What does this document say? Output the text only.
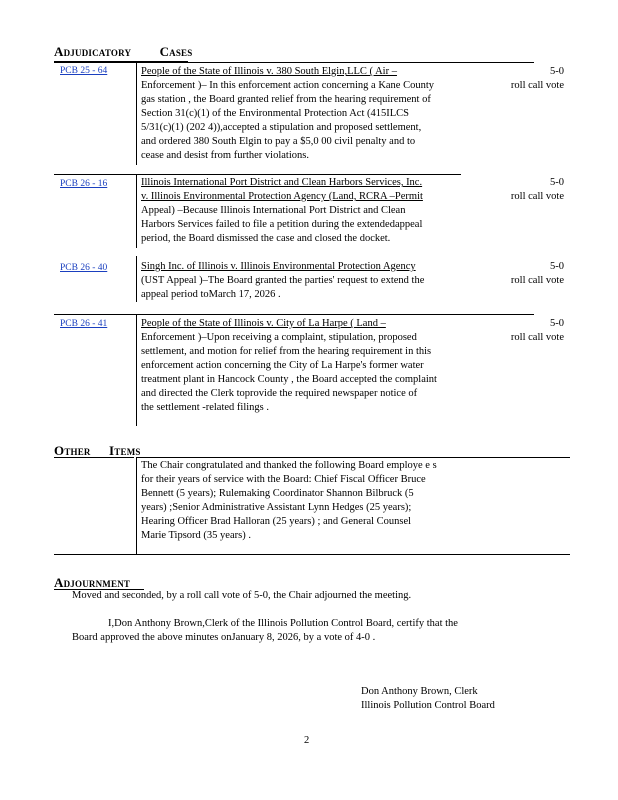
ADJUDICATORY CASES
PCB 25 - 64	People of the State of Illinois v. 380 South Elgin,LLC ( Air –
Enforcement )– In this enforcement action concerning a Kane County
gas station , the Board granted relief from the hearing requirement of
Section 31(c)(1) of the Environmental Protection Act (415ILCS
5/31(c)(1) (202 4)),accepted a stipulation and proposed settlement,
and ordered 380 South Elgin to pay a $5,0 00 civil penalty and to
cease and desist from further violations.
5-0
roll call vote
PCB 26 - 16	Illinois International Port District and Clean Harbors Services, Inc.
v. Illinois Environmental Protection Agency (Land, RCRA –Permit
Appeal) –Because Illinois International Port District and Clean
Harbors Services failed to file a petition during the extendedappeal
period, the Board dismissed the case and closed the docket.
5-0
roll call vote
PCB 26 - 40	Singh Inc. of Illinois v. Illinois Environmental Protection Agency
(UST Appeal )–The Board granted the parties' request to extend the
appeal period toMarch 17, 2026 .
5-0
roll call vote
PCB 26 - 41	People of the State of Illinois v. City of La Harpe ( Land –
Enforcement )–Upon receiving a complaint, stipulation, proposed
settlement, and motion for relief from the hearing requirement in this
enforcement action concerning the City of La Harpe's former water
treatment plant in Hancock County , the Board accepted the complaint
and directed the Clerk toprovide the required newspaper notice of
the settlement -related filings .
5-0
roll call vote
OTHER ITEMS
The Chair congratulated and thanked the following Board employe e s
for their years of service with the Board: Chief Fiscal Officer Bruce
Bennett (5 years); Rulemaking Coordinator Shannon Bilbruck (5
years) ;Senior Administrative Assistant Lynn Hedges (25 years);
Hearing Officer Brad Halloran (25 years) ; and General Counsel
Marie Tipsord (35 years) .
ADJOURNMENT
Moved and seconded, by a roll call vote of 5-0, the Chair adjourned the meeting.
I,Don Anthony Brown,Clerk of the Illinois Pollution Control Board, certify that the
Board approved the above minutes onJanuary 8, 2026, by a vote of 4-0 .
Don Anthony Brown, Clerk
Illinois Pollution Control Board
2
